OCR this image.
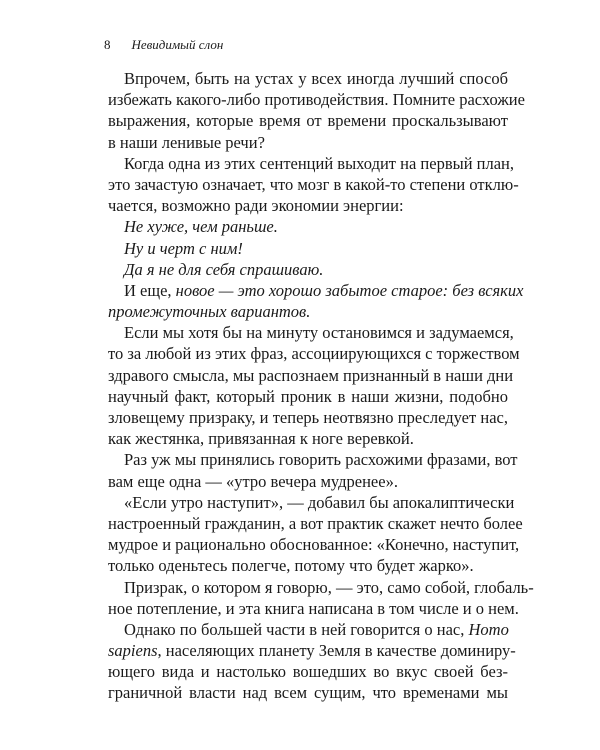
8 Невидимый слон
Впрочем, быть на устах у всех иногда лучший способ
избежать какого-либо противодействия. Помните расхожие
выражения, которые время от времени проскальзывают
в наши ленивые речи?
Когда одна из этих сентенций выходит на первый план,
это зачастую означает, что мозг в какой-то степени отклю-
чается, возможно ради экономии энергии:
Не хуже, чем раньше.
Ну и черт с ним!
Да я не для себя спрашиваю.
И еще, новое — это хорошо забытое старое: без всяких
промежуточных вариантов.
Если мы хотя бы на минуту остановимся и задумаемся,
то за любой из этих фраз, ассоциирующихся с торжеством
здравого смысла, мы распознаем признанный в наши дни
научный факт, который проник в наши жизни, подобно
зловещему призраку, и теперь неотвязно преследует нас,
как жестянка, привязанная к ноге веревкой.
Раз уж мы принялись говорить расхожими фразами, вот
вам еще одна — «утро вечера мудренее».
«Если утро наступит», — добавил бы апокалиптически
настроенный гражданин, а вот практик скажет нечто более
мудрое и рационально обоснованное: «Конечно, наступит,
только оденьтесь полегче, потому что будет жарко».
Призрак, о котором я говорю, — это, само собой, глобаль-
ное потепление, и эта книга написана в том числе и о нем.
Однако по большей части в ней говорится о нас, Homo
sapiens, населяющих планету Земля в качестве доминиру-
ющего вида и настолько вошедших во вкус своей без-
граничной власти над всем сущим, что временами мы
